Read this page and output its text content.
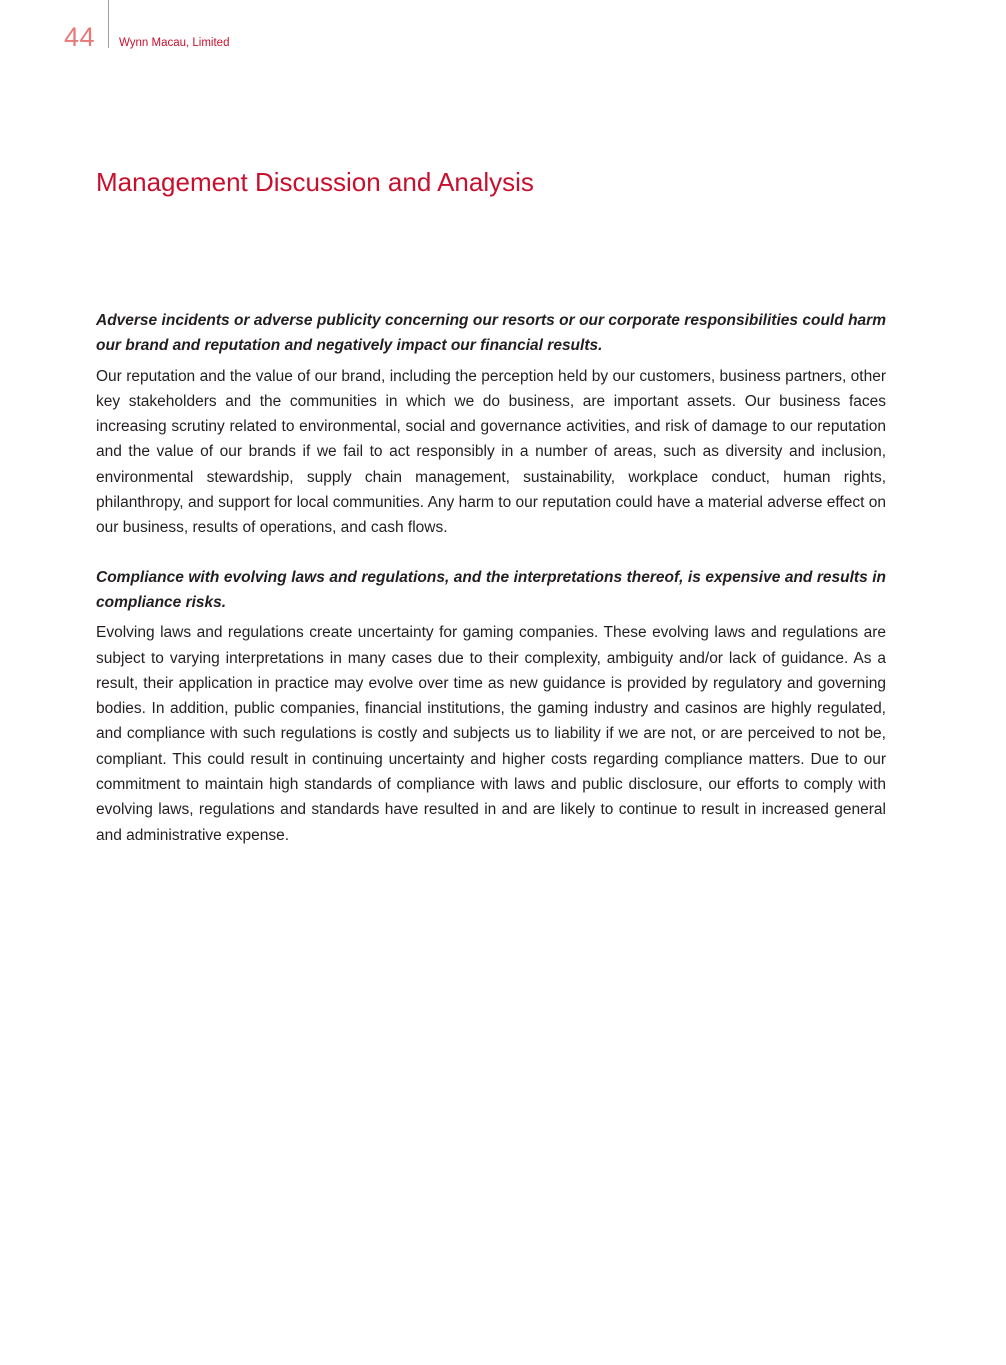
44 Wynn Macau, Limited
Management Discussion and Analysis

Adverse incidents or adverse publicity concerning our resorts or our corporate responsibilities could harm our brand and reputation and negatively impact our financial results.

Our reputation and the value of our brand, including the perception held by our customers, business partners, other key stakeholders and the communities in which we do business, are important assets. Our business faces increasing scrutiny related to environmental, social and governance activities, and risk of damage to our reputation and the value of our brands if we fail to act responsibly in a number of areas, such as diversity and inclusion, environmental stewardship, supply chain management, sustainability, workplace conduct, human rights, philanthropy, and support for local communities. Any harm to our reputation could have a material adverse effect on our business, results of operations, and cash flows.

Compliance with evolving laws and regulations, and the interpretations thereof, is expensive and results in compliance risks.

Evolving laws and regulations create uncertainty for gaming companies. These evolving laws and regulations are subject to varying interpretations in many cases due to their complexity, ambiguity and/or lack of guidance. As a result, their application in practice may evolve over time as new guidance is provided by regulatory and governing bodies. In addition, public companies, financial institutions, the gaming industry and casinos are highly regulated, and compliance with such regulations is costly and subjects us to liability if we are not, or are perceived to not be, compliant. This could result in continuing uncertainty and higher costs regarding compliance matters. Due to our commitment to maintain high standards of compliance with laws and public disclosure, our efforts to comply with evolving laws, regulations and standards have resulted in and are likely to continue to result in increased general and administrative expense.
